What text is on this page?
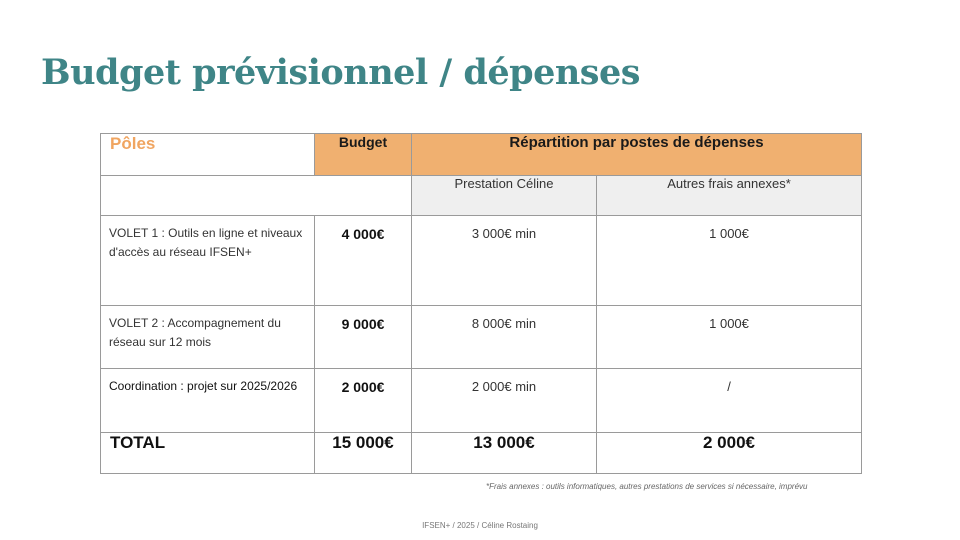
Budget prévisionnel / dépenses
Pôles	Budget	Répartition par postes de dépenses	
		Prestation Céline	Autres frais annexes*
VOLET 1 : Outils en ligne et niveaux d'accès au réseau IFSEN+	4 000€	3 000€ min	1 000€
VOLET 2 : Accompagnement du réseau sur 12 mois	9 000€	8 000€ min	1 000€
Coordination : projet sur 2025/2026	2 000€	2 000€ min	/
TOTAL	15 000€	13 000€	2 000€
*Frais annexes : outils informatiques, autres prestations de services si nécessaire, imprévu
IFSEN+ / 2025 / Céline Rostaing
